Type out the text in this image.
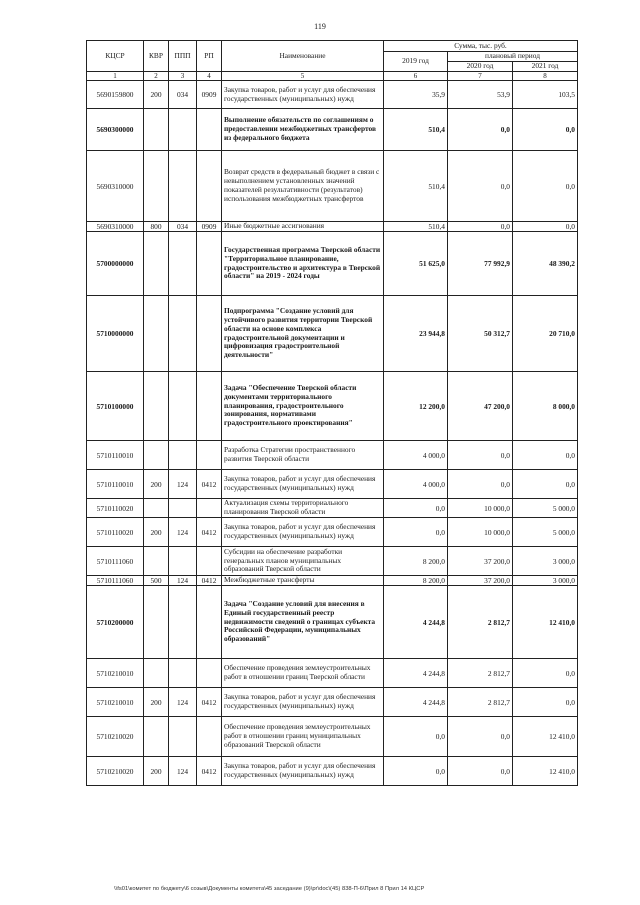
119
КЦСР	КВР	ППП	РП	Наименование	Сумма, тыс. руб.		
					2019 год	плановый период	
						2020 год	2021 год
1	2	3	4	5	6	7	8
5690159800	200	034	0909	Закупка товаров, работ и услуг для обеспечения государственных (муниципальных) нужд	35,9	53,9	103,5
5690300000				Выполнение обязательств по соглашениям о предоставлении межбюджетных трансфертов из федерального бюджета	510,4	0,0	0,0
5690310000				Возврат средств в федеральный бюджет в связи с невыполнением установленных значений показателей результативности (результатов) использования межбюджетных трансфертов	510,4	0,0	0,0
5690310000	800	034	0909	Иные бюджетные ассигнования	510,4	0,0	0,0
5700000000				Государственная программа Тверской области "Территориальное планирование, градостроительство и архитектура в Тверской области" на 2019 - 2024 годы	51 625,0	77 992,9	48 390,2
5710000000				Подпрограмма "Создание условий для устойчивого развития территории Тверской области на основе комплекса градостроительной документации и цифровизация градостроительной деятельности"	23 944,8	50 312,7	20 710,0
5710100000				Задача "Обеспечение Тверской области документами территориального планирования, градостроительного зонирования, нормативами градостроительного проектирования"	12 200,0	47 200,0	8 000,0
5710110010				Разработка Стратегии пространственного развития Тверской области	4 000,0	0,0	0,0
5710110010	200	124	0412	Закупка товаров, работ и услуг для обеспечения государственных (муниципальных) нужд	4 000,0	0,0	0,0
5710110020				Актуализация схемы территориального планирования Тверской области	0,0	10 000,0	5 000,0
5710110020	200	124	0412	Закупка товаров, работ и услуг для обеспечения государственных (муниципальных) нужд	0,0	10 000,0	5 000,0
5710111060				Субсидии на обеспечение разработки генеральных планов муниципальных образований Тверской области	8 200,0	37 200,0	3 000,0
5710111060	500	124	0412	Межбюджетные трансферты	8 200,0	37 200,0	3 000,0
5710200000				Задача "Создание условий для внесения в Единый государственный реестр недвижимости сведений о границах субъекта Российской Федерации, муниципальных образований"	4 244,8	2 812,7	12 410,0
5710210010				Обеспечение проведения землеустроительных работ в отношении границ Тверской области	4 244,8	2 812,7	0,0
5710210010	200	124	0412	Закупка товаров, работ и услуг для обеспечения государственных (муниципальных) нужд	4 244,8	2 812,7	0,0
5710210020				Обеспечение проведения землеустроительных работ в отношении границ муниципальных образований Тверской области	0,0	0,0	12 410,0
5710210020	200	124	0412	Закупка товаров, работ и услуг для обеспечения государственных (муниципальных) нужд	0,0	0,0	12 410,0
\\fs01\комитет по бюджету\6 созыв\Документы комитета\45 заседание (9)\pr\doc\(45) 838-П-6\Прил 8 Прил 14 КЦСР
